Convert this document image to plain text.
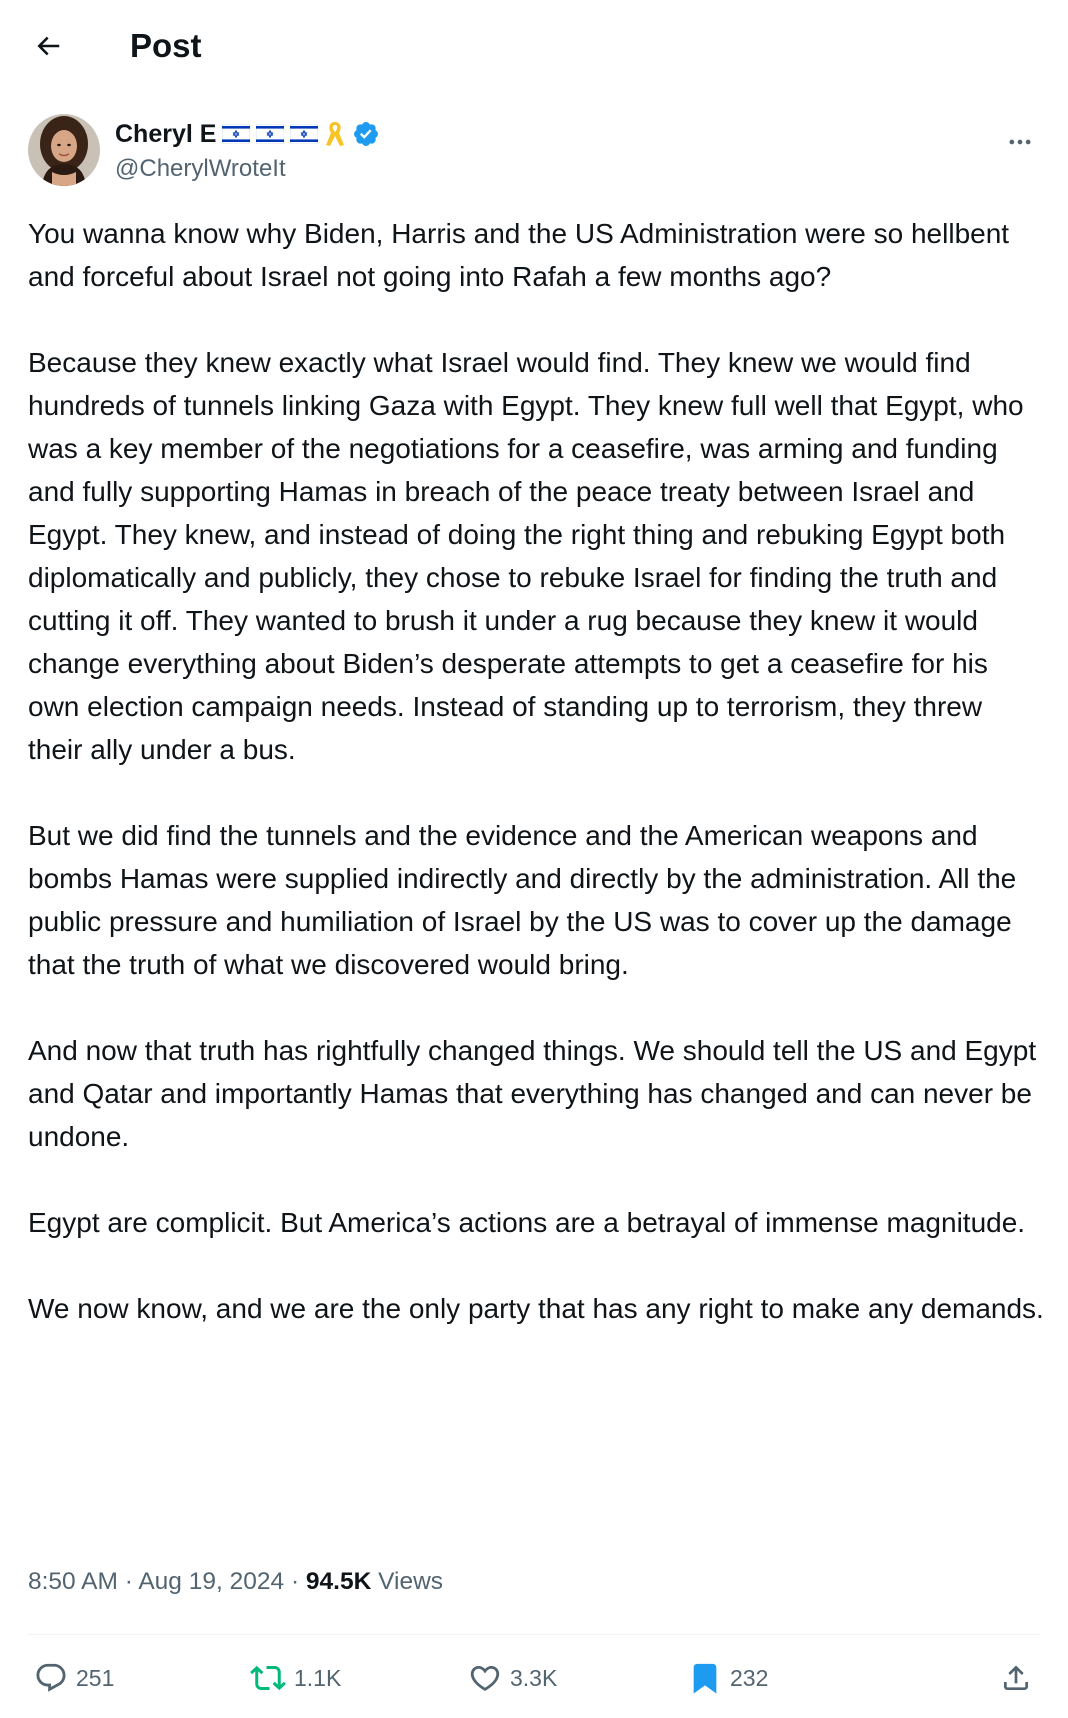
Post
Cheryl E
@CherylWroteIt

You wanna know why Biden, Harris and the US Administration were so hellbent and forceful about Israel not going into Rafah a few months ago?

Because they knew exactly what Israel would find. They knew we would find hundreds of tunnels linking Gaza with Egypt. They knew full well that Egypt, who was a key member of the negotiations for a ceasefire, was arming and funding and fully supporting Hamas in breach of the peace treaty between Israel and Egypt. They knew, and instead of doing the right thing and rebuking Egypt both diplomatically and publicly, they chose to rebuke Israel for finding the truth and cutting it off. They wanted to brush it under a rug because they knew it would change everything about Biden’s desperate attempts to get a ceasefire for his own election campaign needs. Instead of standing up to terrorism, they threw their ally under a bus.

But we did find the tunnels and the evidence and the American weapons and bombs Hamas were supplied indirectly and directly by the administration. All the public pressure and humiliation of Israel by the US was to cover up the damage that the truth of what we discovered would bring.

And now that truth has rightfully changed things. We should tell the US and Egypt and Qatar and importantly Hamas that everything has changed and can never be undone.

Egypt are complicit. But America’s actions are a betrayal of immense magnitude.

We now know, and we are the only party that has any right to make any demands.

8:50 AM · Aug 19, 2024 · 94.5K Views
251	1.1K	3.3K	232
